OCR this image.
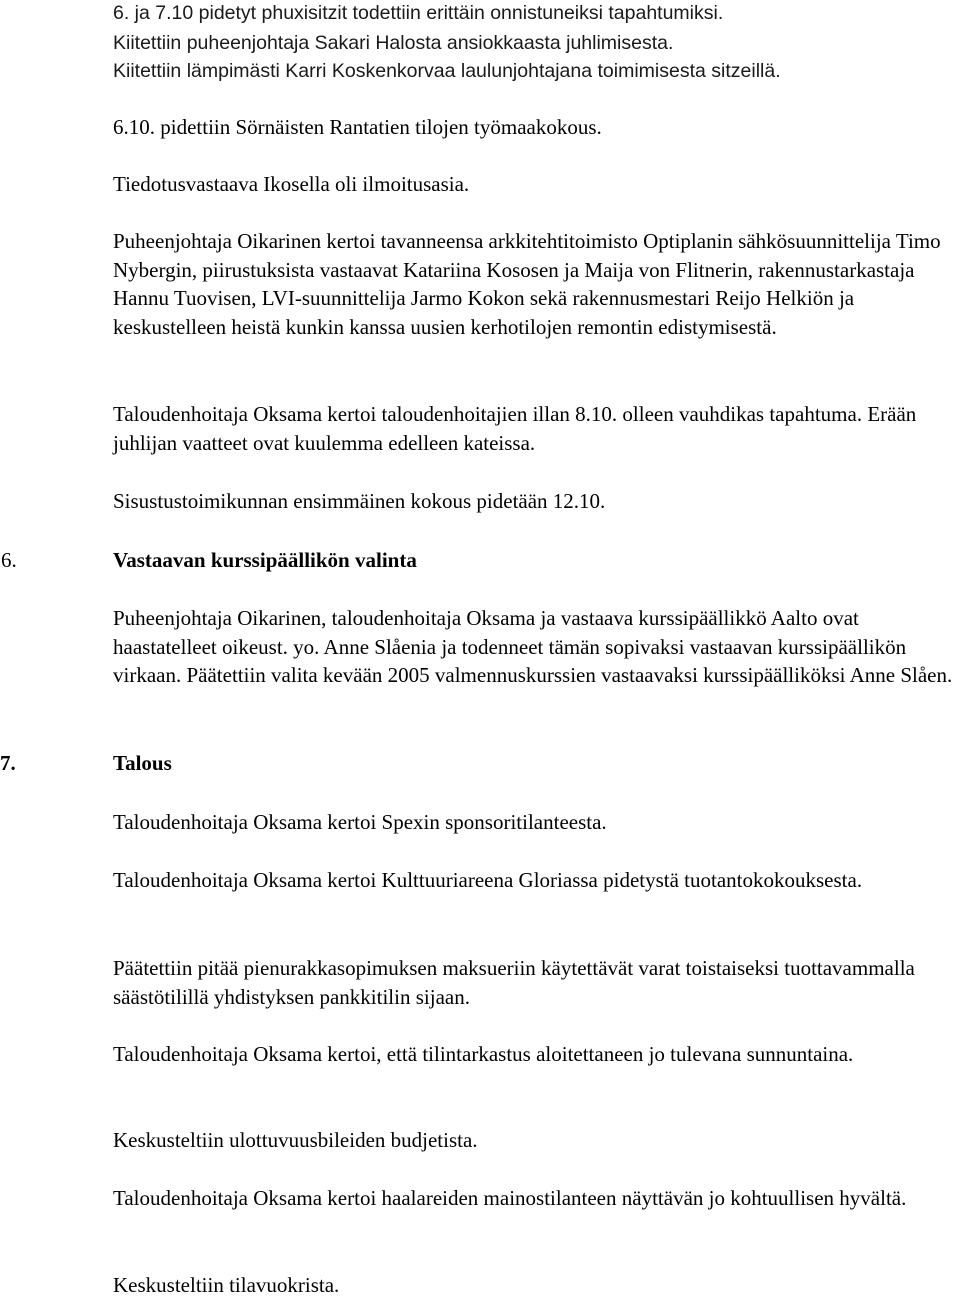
6. ja 7.10 pidetyt phuxisitzit todettiin erittäin onnistuneiksi tapahtumiksi.
Kiitettiin puheenjohtaja Sakari Halosta ansiokkaasta juhlimisesta.
Kiitettiin lämpimästi Karri Koskenkorvaa laulunjohtajana toimimisesta sitzeillä.
6.10. pidettiin Sörnäisten Rantatien tilojen työmaakokous.
Tiedotusvastaava Ikosella oli ilmoitusasia.

Puheenjohtaja Oikarinen kertoi tavanneensa arkkitehtitoimisto Optiplanin sähkösuunnittelija Timo Nybergin, piirustuksista vastaavat Katariina Kososen ja Maija von Flitnerin, rakennustarkastaja Hannu Tuovisen, LVI-suunnittelija Jarmo Kokon sekä rakennusmestari Reijo Helkiön ja keskustelleen heistä kunkin kanssa uusien kerhotilojen remontin edistymisestä.

Taloudenhoitaja Oksama kertoi taloudenhoitajien illan 8.10. olleen vauhdikas tapahtuma. Erään juhlijan vaatteet ovat kuulemma edelleen kateissa.

Sisustustoimikunnan ensimmäinen kokous pidetään 12.10.

6.	Vastaavan kurssipäällikön valinta

Puheenjohtaja Oikarinen, taloudenhoitaja Oksama ja vastaava kurssipäällikkö Aalto ovat haastatelleet oikeust. yo. Anne Slåenia ja todenneet tämän sopivaksi vastaavan kurssipäällikön virkaan. Päätettiin valita kevään 2005 valmennuskurssien vastaavaksi kurssipäälliköksi Anne Slåen.

7.	Talous

Taloudenhoitaja Oksama kertoi Spexin sponsoritilanteesta.

Taloudenhoitaja Oksama kertoi Kulttuuriareena Gloriassa pidetystä tuotantokokouksesta.

Päätettiin pitää pienurakkasopimuksen maksueriin käytettävät varat toistaiseksi tuottavammalla säästötilillä yhdistyksen pankkitilin sijaan.

Taloudenhoitaja Oksama kertoi, että tilintarkastus aloitettaneen jo tulevana sunnuntaina.

Keskusteltiin ulottuvuusbileiden budjetista.

Taloudenhoitaja Oksama kertoi haalareiden mainostilanteen näyttävän jo kohtuullisen hyvältä.

Keskusteltiin tilavuokrista.
